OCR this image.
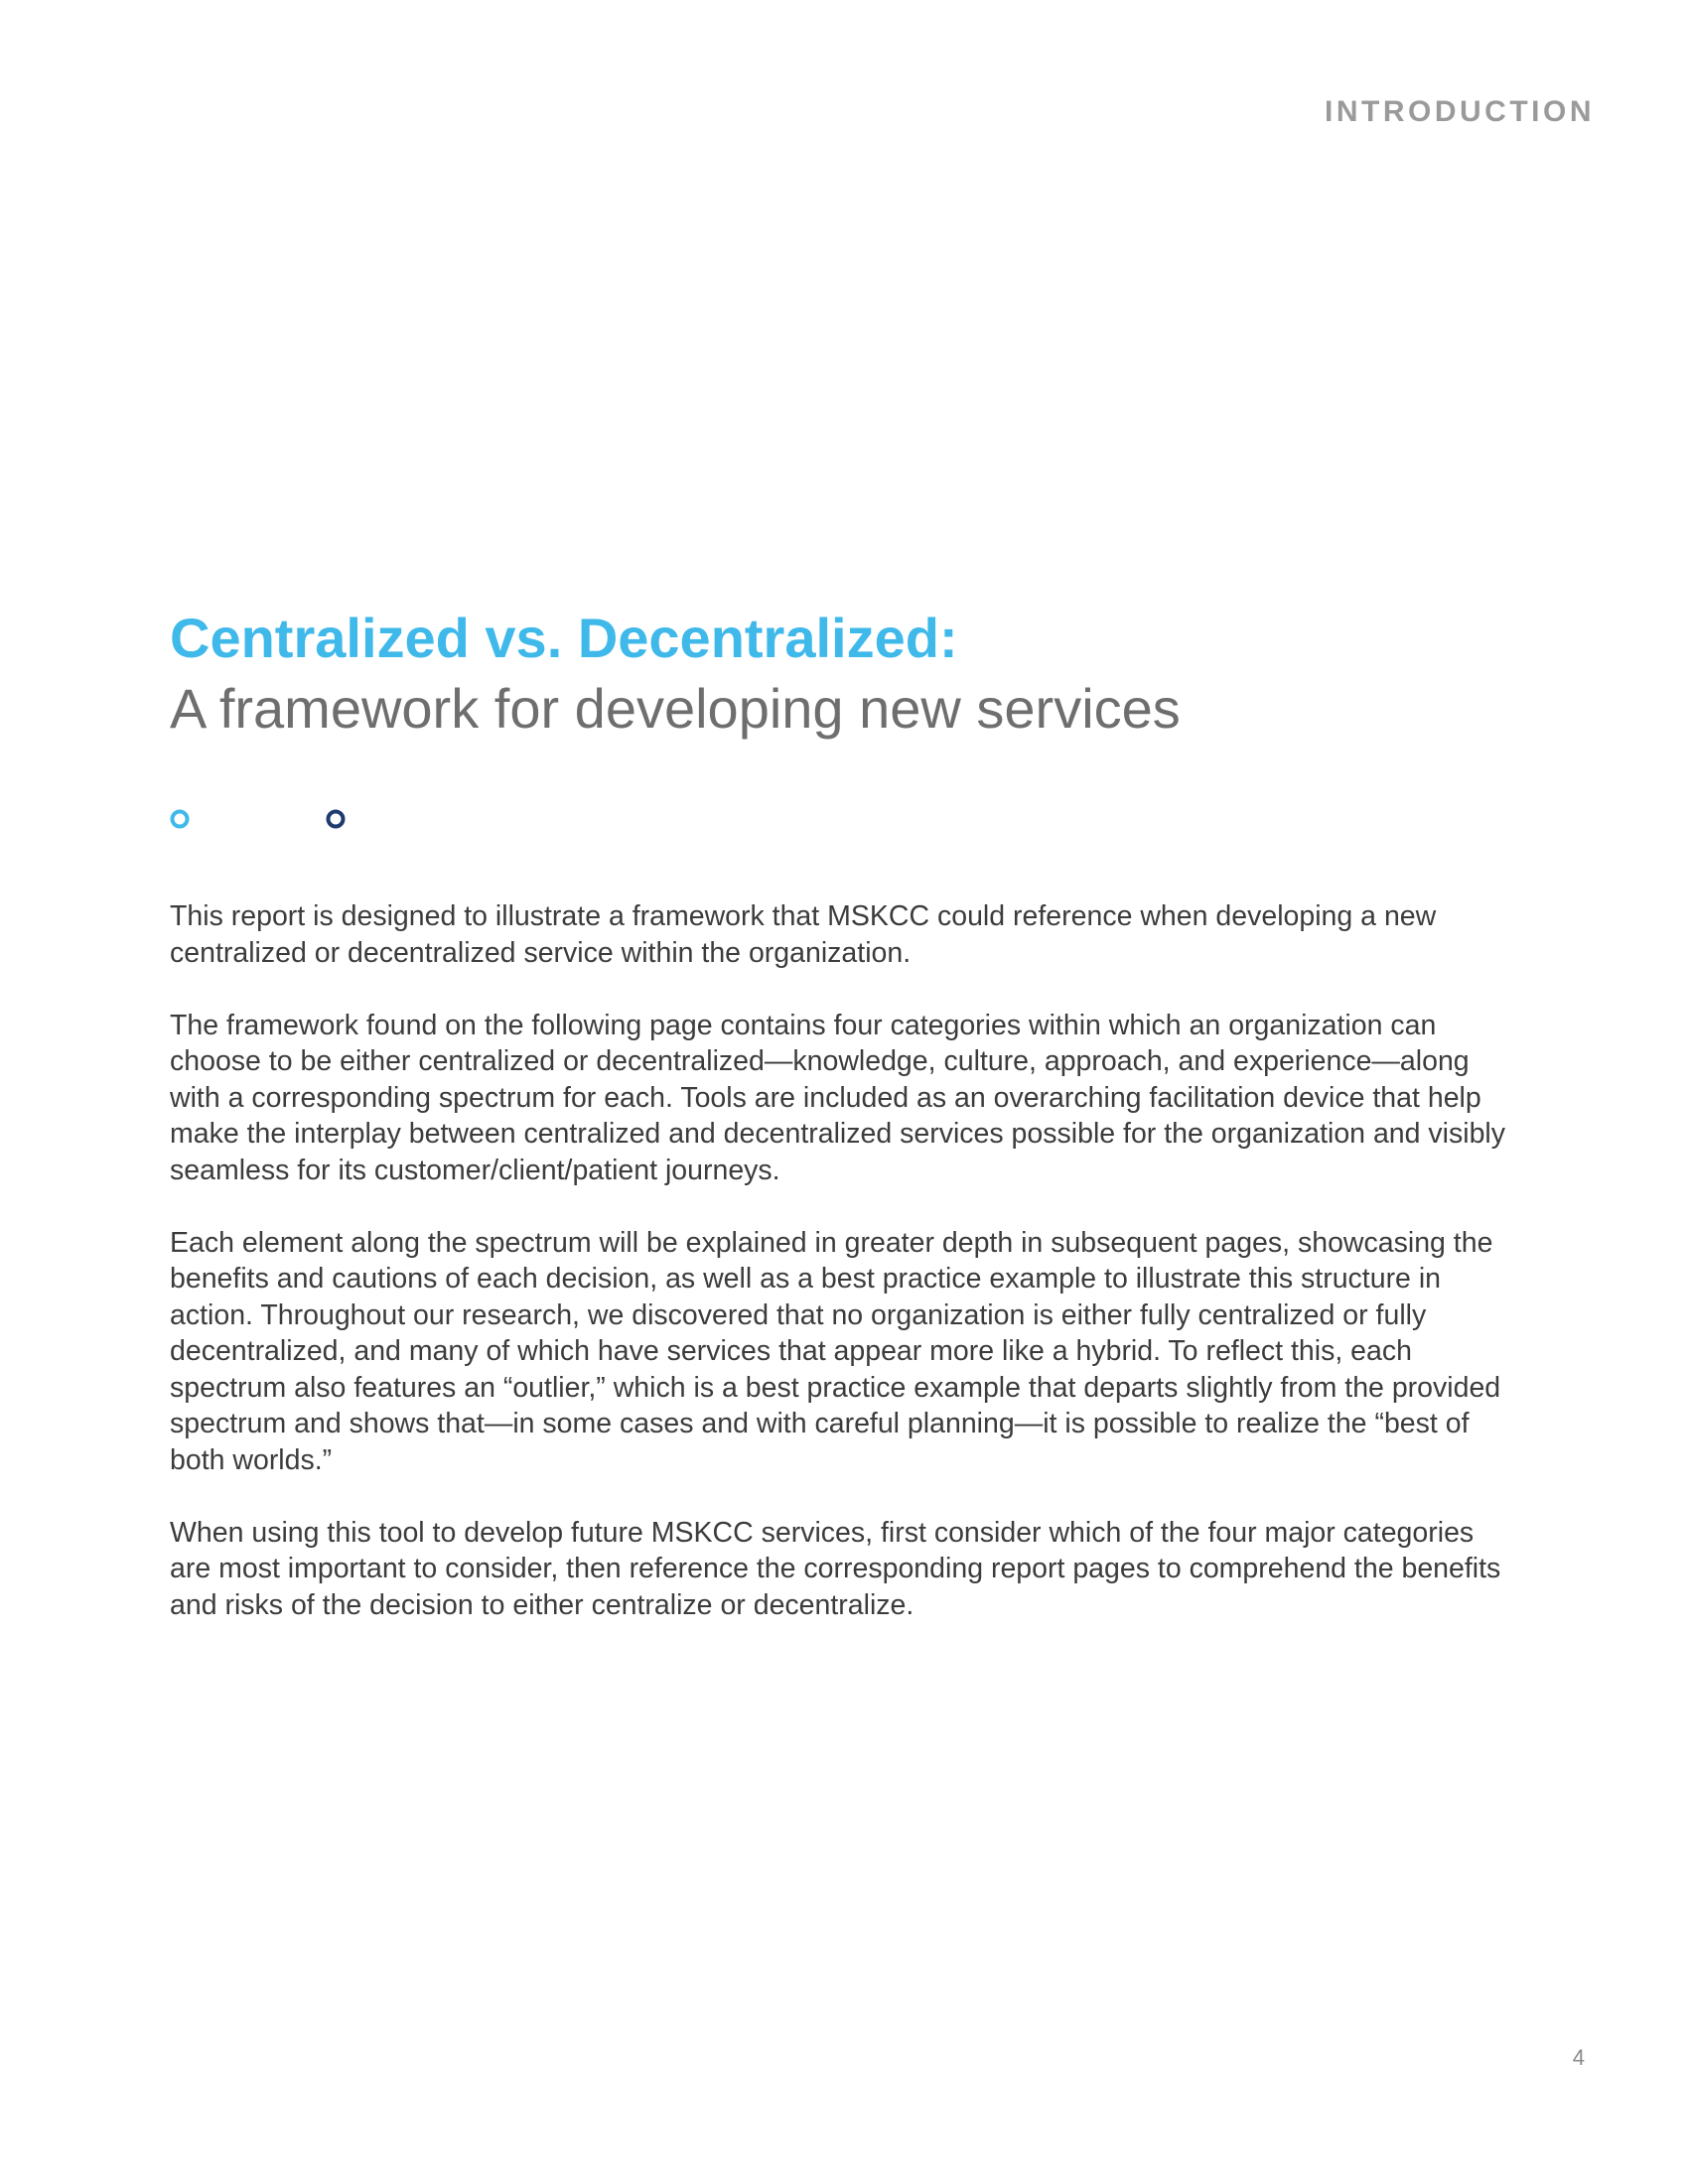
INTRODUCTION
Centralized vs. Decentralized:
A framework for developing new services

This report is designed to illustrate a framework that MSKCC could reference when developing a new centralized or decentralized service within the organization.

The framework found on the following page contains four categories within which an organization can choose to be either centralized or decentralized—knowledge, culture, approach, and experience—along with a corresponding spectrum for each. Tools are included as an overarching facilitation device that help make the interplay between centralized and decentralized services possible for the organization and visibly seamless for its customer/client/patient journeys.

Each element along the spectrum will be explained in greater depth in subsequent pages, showcasing the benefits and cautions of each decision, as well as a best practice example to illustrate this structure in action. Throughout our research, we discovered that no organization is either fully centralized or fully decentralized, and many of which have services that appear more like a hybrid. To reflect this, each spectrum also features an “outlier,” which is a best practice example that departs slightly from the provided spectrum and shows that—in some cases and with careful planning—it is possible to realize the “best of both worlds.”

When using this tool to develop future MSKCC services, first consider which of the four major categories are most important to consider, then reference the corresponding report pages to comprehend the benefits and risks of the decision to either centralize or decentralize.

4
